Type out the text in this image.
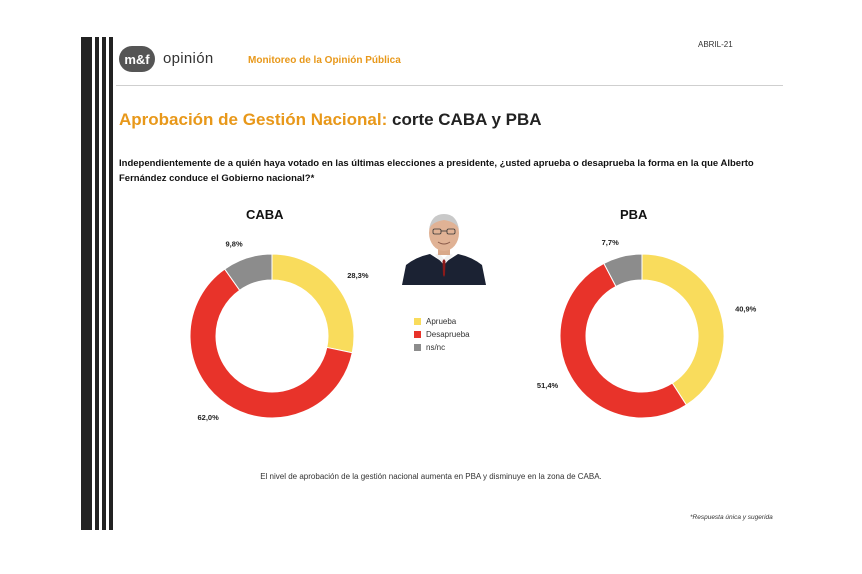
m&f opinión	Monitoreo de la Opinión Pública
ABRIL-21
Aprobación de Gestión Nacional: corte CABA y PBA
Independientemente de a quién haya votado en las últimas elecciones a presidente, ¿usted aprueba o desaprueba la forma en la que Alberto Fernández conduce el Gobierno nacional?*
CABA	PBA
28,3%
62,0%
9,8%
40,9%
51,4%
7,7%
Aprueba
Desaprueba
ns/nc
El nivel de aprobación de la gestión nacional aumenta en PBA y disminuye en la zona de CABA.
*Respuesta única y sugerida
